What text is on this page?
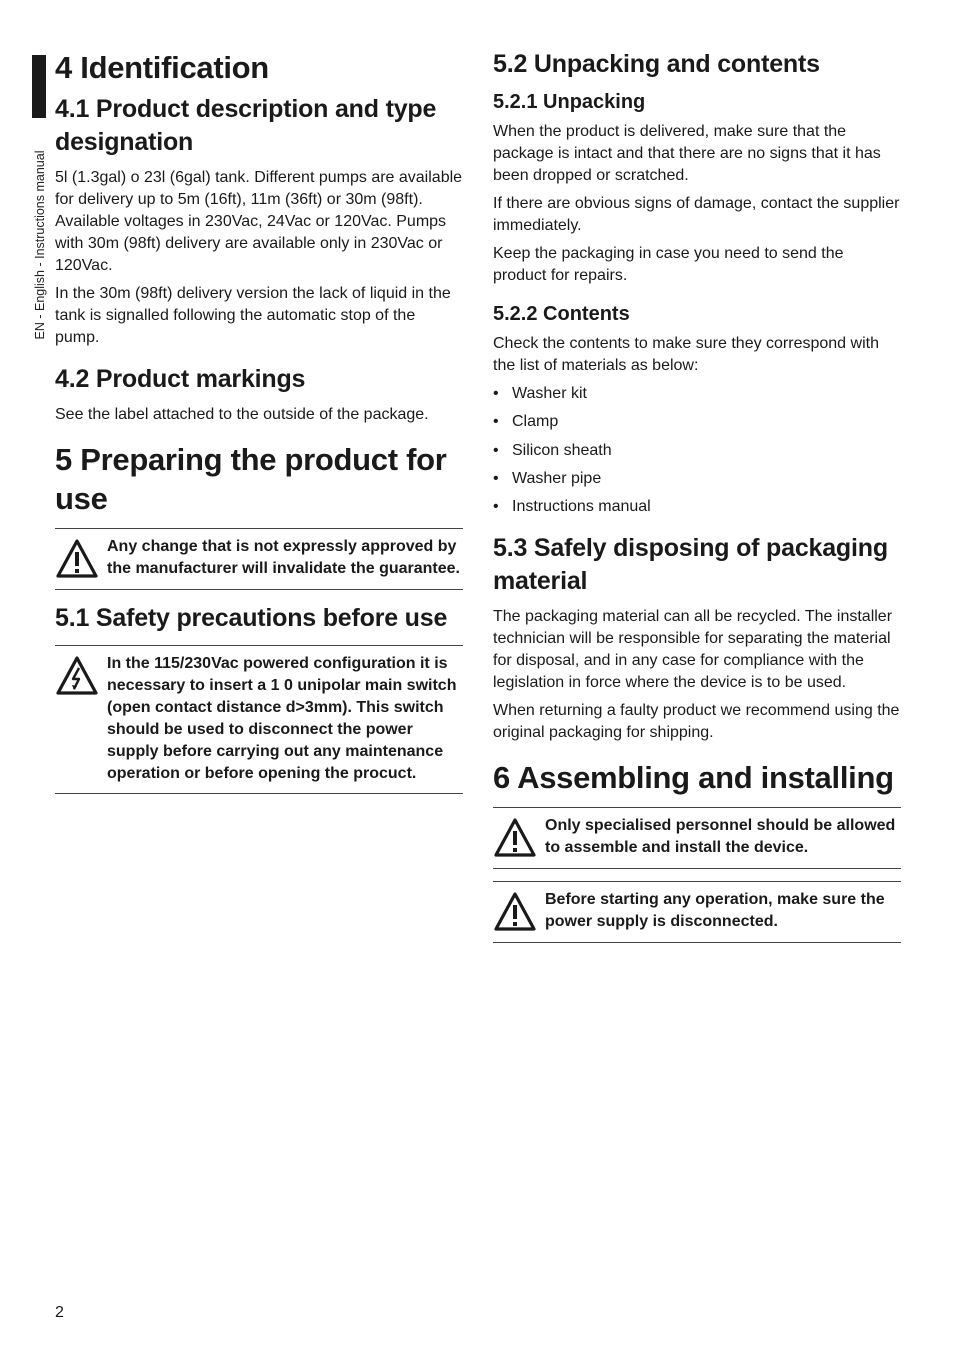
EN - English - Instructions manual
4 Identification
4.1 Product description and type designation

5l (1.3gal) o 23l (6gal) tank. Different pumps are available for delivery up to 5m (16ft), 11m (36ft) or 30m (98ft). Available voltages in 230Vac, 24Vac or 120Vac. Pumps with 30m (98ft) delivery are available only in 230Vac or 120Vac.

In the 30m (98ft) delivery version the lack of liquid in the tank is signalled following the automatic stop of the pump.

4.2 Product markings

See the label attached to the outside of the package.

5 Preparing the product for use

Any change that is not expressly approved by the manufacturer will invalidate the guarantee.

5.1 Safety precautions before use

In the 115/230Vac powered configuration it is necessary to insert a 1 0 unipolar main switch (open contact distance d>3mm). This switch should be used to disconnect the power supply before carrying out any maintenance operation or before opening the procuct.

5.2 Unpacking and contents
5.2.1 Unpacking

When the product is delivered, make sure that the package is intact and that there are no signs that it has been dropped or scratched.

If there are obvious signs of damage, contact the supplier immediately.

Keep the packaging in case you need to send the product for repairs.

5.2.2 Contents

Check the contents to make sure they correspond with the list of materials as below:

• Washer kit
• Clamp
• Silicon sheath
• Washer pipe
• Instructions manual
5.3 Safely disposing of packaging material

The packaging material can all be recycled. The installer technician will be responsible for separating the material for disposal, and in any case for compliance with the legislation in force where the device is to be used.

When returning a faulty product we recommend using the original packaging for shipping.

6 Assembling and installing

Only specialised personnel should be allowed to assemble and install the device.

Before starting any operation, make sure the power supply is disconnected.

2
